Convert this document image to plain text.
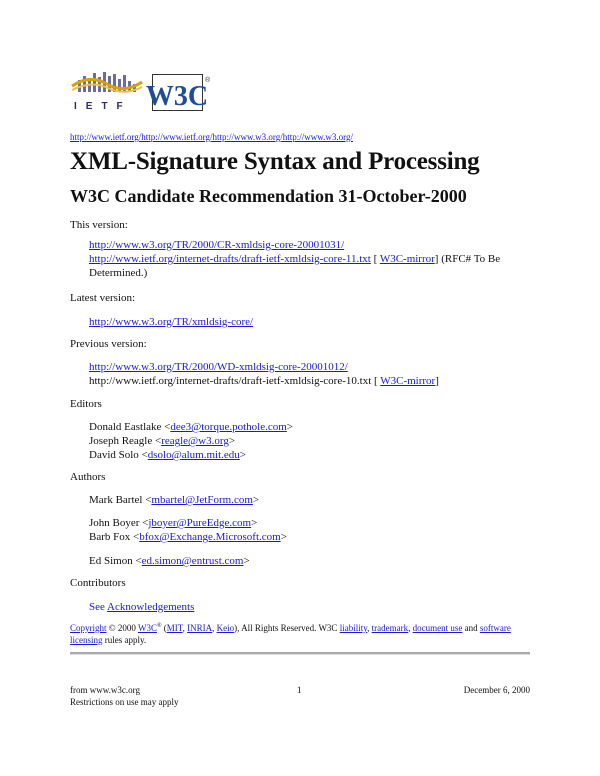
IETF W3C
®
http://www.ietf.org/http://www.ietf.org/http://www.w3.org/http://www.w3.org/
XML-Signature Syntax and Processing
W3C Candidate Recommendation 31-October-2000
This version:
http://www.w3.org/TR/2000/CR-xmldsig-core-20001031/
http://www.ietf.org/internet-drafts/draft-ietf-xmldsig-core-11.txt [ W3C-mirror] (RFC# To Be Determined.)
Latest version:
http://www.w3.org/TR/xmldsig-core/
Previous version:
http://www.w3.org/TR/2000/WD-xmldsig-core-20001012/
http://www.ietf.org/internet-drafts/draft-ietf-xmldsig-core-10.txt [ W3C-mirror]
Editors
Donald Eastlake <dee3@torque.pothole.com>
Joseph Reagle <reagle@w3.org>
David Solo <dsolo@alum.mit.edu>
Authors
Mark Bartel <mbartel@JetForm.com>
John Boyer <jboyer@PureEdge.com>
Barb Fox <bfox@Exchange.Microsoft.com>
Ed Simon <ed.simon@entrust.com>
Contributors
See Acknowledgements
Copyright © 2000 W3C® (MIT, INRIA, Keio), All Rights Reserved. W3C liability, trademark, document use and software licensing rules apply.
from www.w3c.org
Restrictions on use may apply
1	December 6, 2000
